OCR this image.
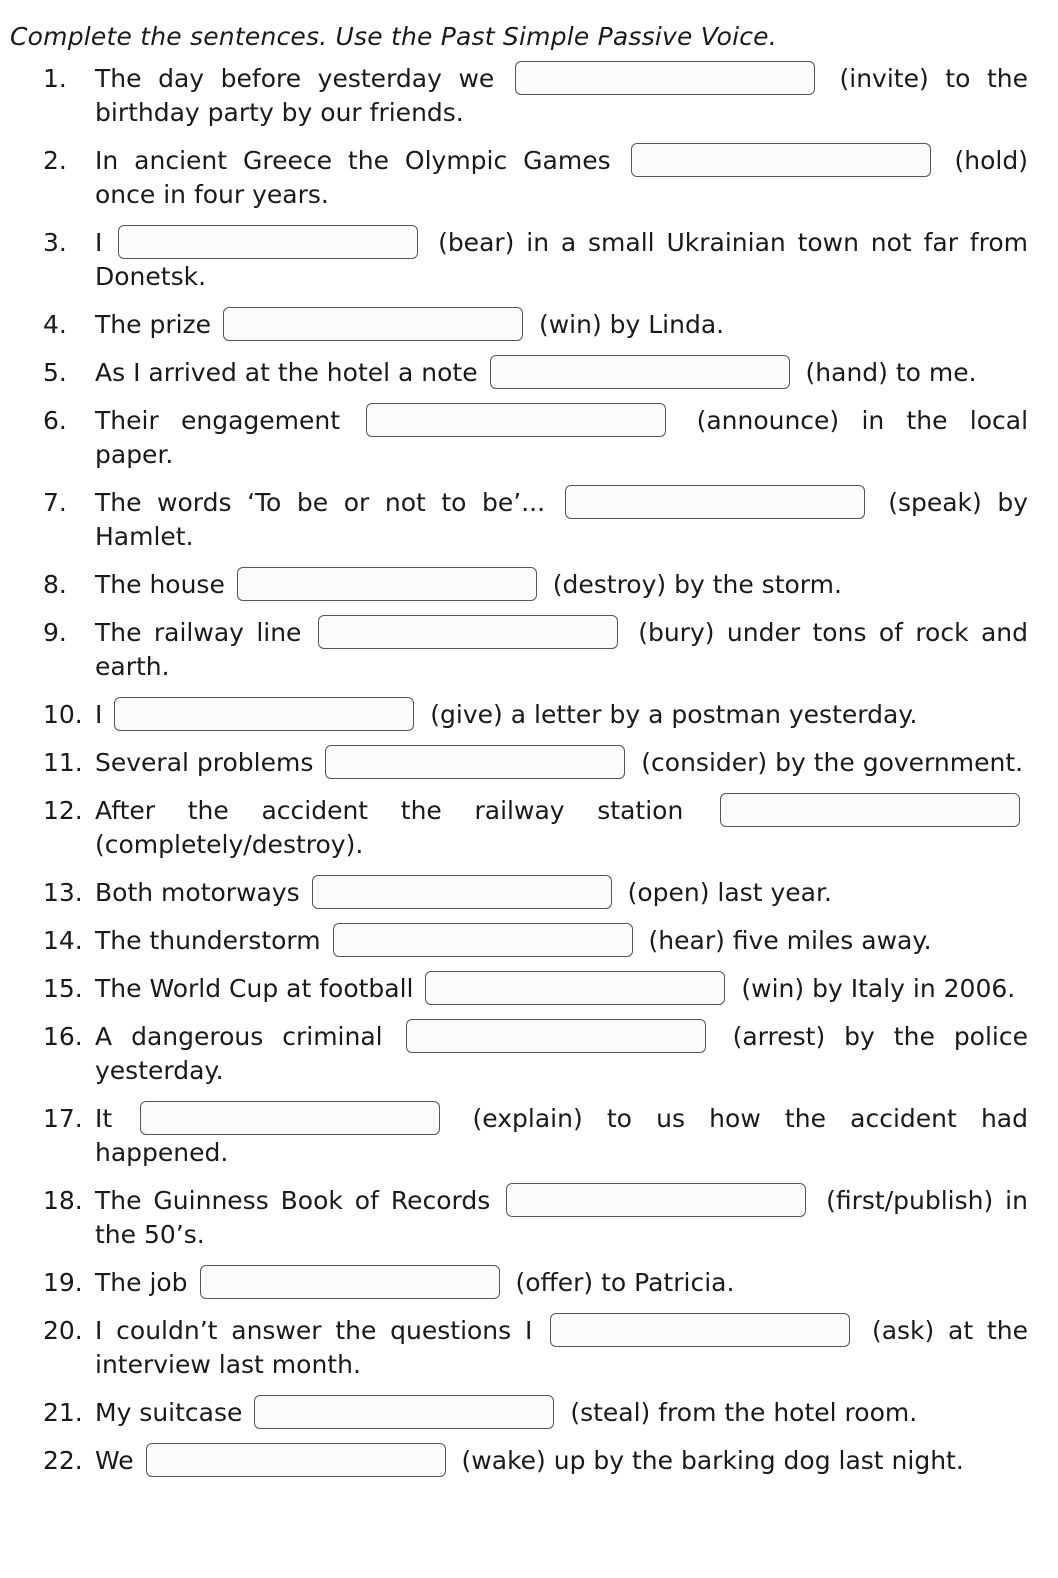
Complete the sentences. Use the Past Simple Passive Voice.
1.	The day before yesterday we	(invite) to the birthday party by our friends.
2.	In ancient Greece the Olympic Games	(hold) once in four years.
3.	I	(bear) in a small Ukrainian town not far from Donetsk.
4.	The prize	(win) by Linda.
5.	As I arrived at the hotel a note	(hand) to me.
6.	Their engagement	(announce) in the local paper.
7.	The words ‘To be or not to be’...	(speak) by Hamlet.
8.	The house	(destroy) by the storm.
9.	The railway line	(bury) under tons of rock and earth.
10. I	(give) a letter by a postman yesterday.
11. Several problems	(consider) by the government.
12. After the accident the railway station  (completely/destroy).
13. Both motorways	(open) last year.
14. The thunderstorm	(hear) five miles away.
15. The World Cup at football	(win) by Italy in 2006.
16. A dangerous criminal	(arrest) by the police yesterday.
17. It	(explain) to us how the accident had happened.
18. The Guinness Book of Records	(first/publish) in the 50’s.
19. The job	(offer) to Patricia.
20. I couldn’t answer the questions I	(ask) at the interview last month.
21. My suitcase	(steal) from the hotel room.
22. We	(wake) up by the barking dog last night.
